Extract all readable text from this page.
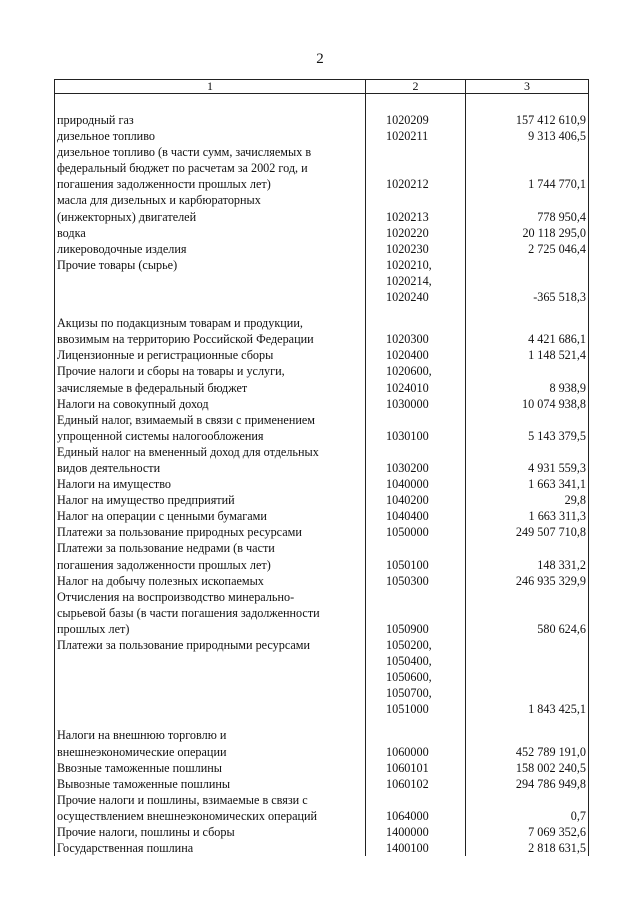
2
1	2	3

природный газ	1020209	157 412 610,9

дизельное топливо	1020211	9 313 406,5

дизельное топливо (в части сумм, зачисляемых в
федеральный бюджет по расчетам за 2002 год, и
погашения задолженности прошлых лет)	1020212	1 744 770,1

масла для дизельных и карбюраторных
(инжекторных) двигателей	1020213	778 950,4

водка	1020220	20 118 295,0

ликероводочные изделия	1020230	2 725 046,4

Прочие товары (сырье)	1020210,
1020214,
1020240	-365 518,3

Акцизы по подакцизным товарам и продукции,
ввозимым на территорию Российской Федерации	1020300	4 421 686,1

Лицензионные и регистрационные сборы	1020400	1 148 521,4

Прочие налоги и сборы на товары и услуги,
зачисляемые в федеральный бюджет	1020600,
1024010	8 938,9

Налоги на совокупный доход	1030000	10 074 938,8

Единый налог, взимаемый в связи с применением
упрощенной системы налогообложения	1030100	5 143 379,5

Единый налог на вмененный доход для отдельных
видов деятельности	1030200	4 931 559,3

Налоги на имущество	1040000	1 663 341,1

Налог на имущество предприятий	1040200	29,8

Налог на операции с ценными бумагами	1040400	1 663 311,3

Платежи за пользование природных ресурсами	1050000	249 507 710,8

Платежи за пользование недрами (в части
погашения задолженности прошлых лет)	1050100	148 331,2

Налог на добычу полезных ископаемых	1050300	246 935 329,9

Отчисления на воспроизводство минерально-
сырьевой базы (в части погашения задолженности
прошлых лет)	1050900	580 624,6

Платежи за пользование природными ресурсами	1050200,
1050400,
1050600,
1050700,
1051000	1 843 425,1

Налоги на внешнюю торговлю и
внешнеэкономические операции	1060000	452 789 191,0

Ввозные таможенные пошлины	1060101	158 002 240,5

Вывозные таможенные пошлины	1060102	294 786 949,8

Прочие налоги и пошлины, взимаемые в связи с
осуществлением внешнеэкономических операций	1064000	0,7

Прочие налоги, пошлины и сборы	1400000	7 069 352,6

Государственная пошлина	1400100	2 818 631,5
